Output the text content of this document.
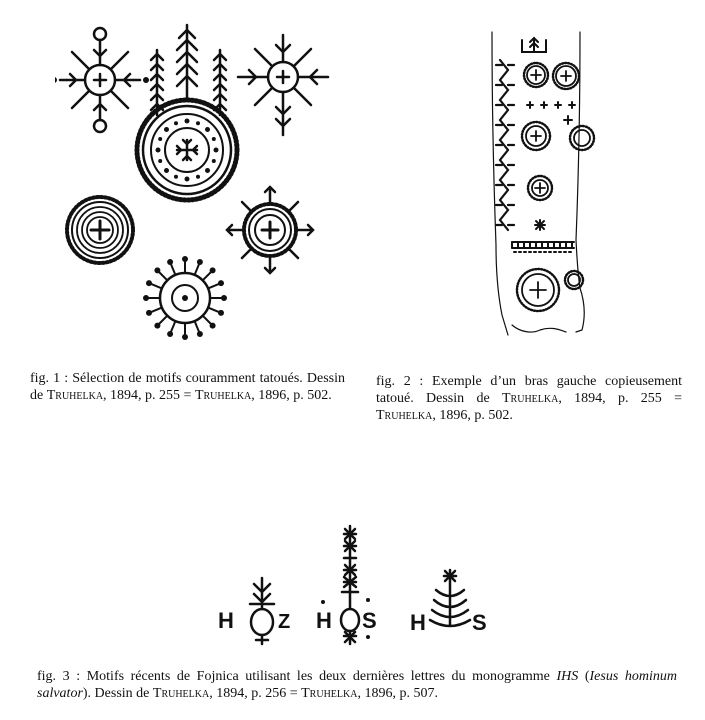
fig. 1 : Sélection de motifs couramment tatoués. Dessin de Truhelka, 1894, p. 255 = Truhelka, 1896, p. 502.
fig. 2 : Exemple d’un bras gauche copieusement tatoué. Dessin de Truhelka, 1894, p. 255 = Truhelka, 1896, p. 502.
H Z H S H S
fig. 3 : Motifs récents de Fojnica utilisant les deux dernières lettres du monogramme IHS (Iesus hominum salvator). Dessin de Truhelka, 1894, p. 256 = Truhelka, 1896, p. 507.
